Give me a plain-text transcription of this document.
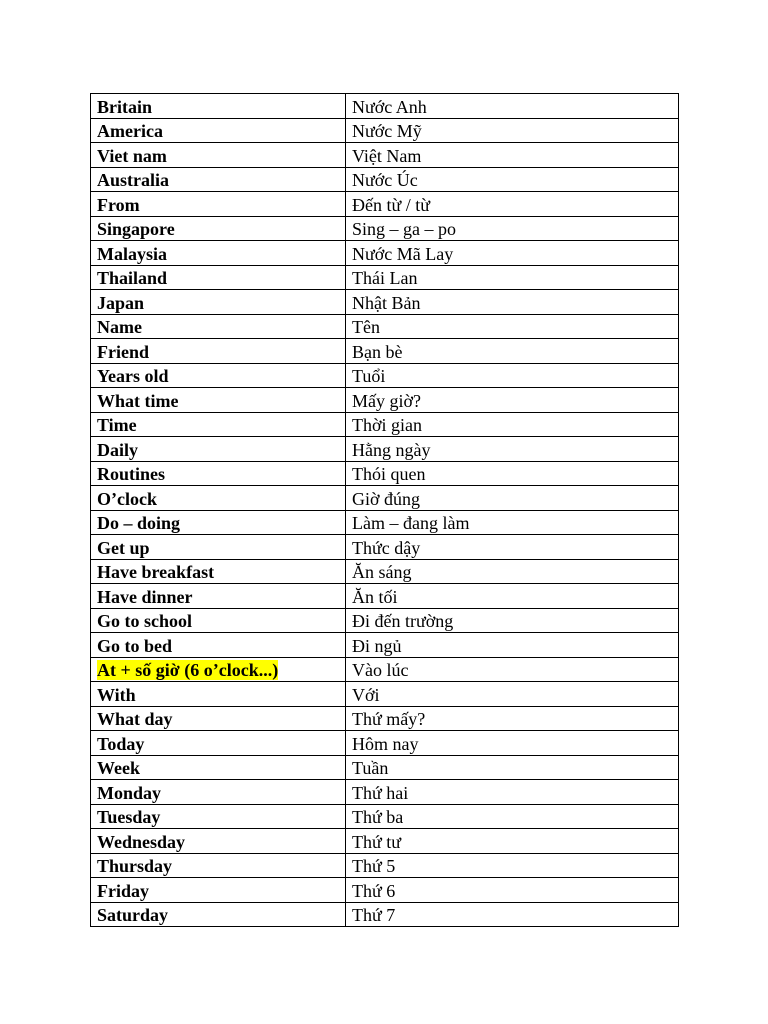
Britain	Nước Anh
America	Nước Mỹ
Viet nam	Việt Nam
Australia	Nước Úc
From	Đến từ / từ
Singapore	Sing – ga – po
Malaysia	Nước Mã Lay
Thailand	Thái Lan
Japan	Nhật Bản
Name	Tên
Friend	Bạn bè
Years old	Tuổi
What time	Mấy giờ?
Time	Thời gian
Daily	Hằng ngày
Routines	Thói quen
O’clock	Giờ đúng
Do – doing	Làm – đang làm
Get up	Thức dậy
Have breakfast	Ăn sáng
Have dinner	Ăn tối
Go to school	Đi đến trường
Go to bed	Đi ngủ
At + số giờ (6 o’clock...)	Vào lúc
With	Với
What day	Thứ mấy?
Today	Hôm nay
Week	Tuần
Monday	Thứ hai
Tuesday	Thứ ba
Wednesday	Thứ tư
Thursday	Thứ 5
Friday	Thứ 6
Saturday	Thứ 7
